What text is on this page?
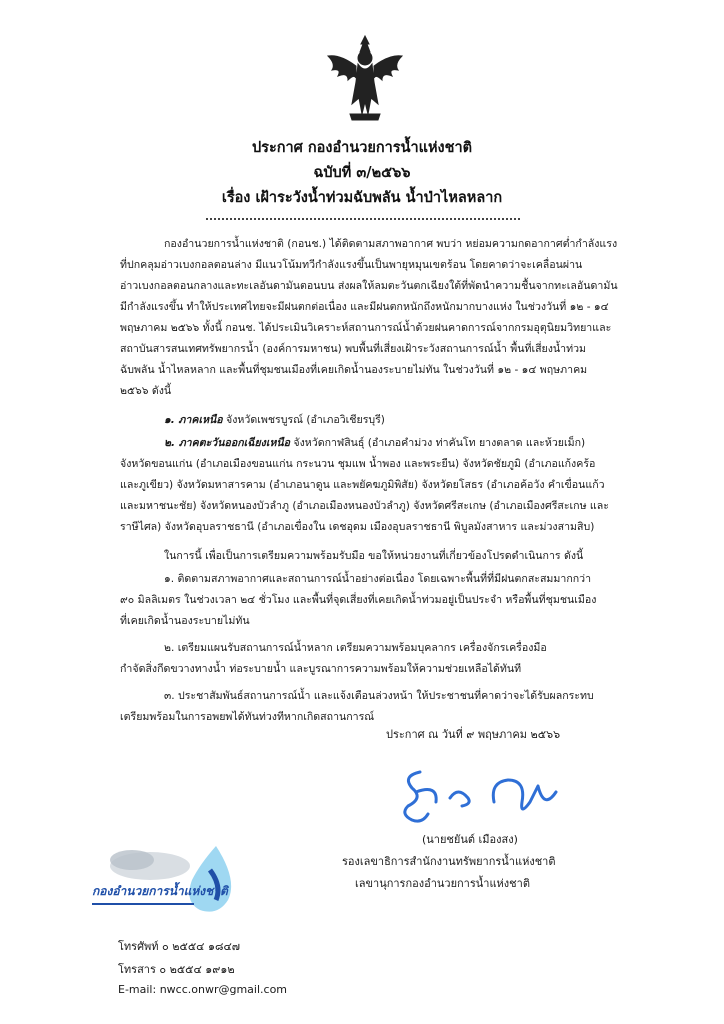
ประกาศ กองอำนวยการน้ำแห่งชาติ
ฉบับที่ ๓/๒๕๖๖
เรื่อง เฝ้าระวังน้ำท่วมฉับพลัน น้ำป่าไหลหลาก
กองอำนวยการน้ำแห่งชาติ (กอนช.) ได้ติดตามสภาพอากาศ พบว่า หย่อมความกดอากาศต่ำกำลังแรง
ที่ปกคลุมอ่าวเบงกอลตอนล่าง มีแนวโน้มทวีกำลังแรงขึ้นเป็นพายุหมุนเขตร้อน โดยคาดว่าจะเคลื่อนผ่าน
อ่าวเบงกอลตอนกลางและทะเลอันดามันตอนบน ส่งผลให้ลมตะวันตกเฉียงใต้ที่พัดนำความชื้นจากทะเลอันดามัน
มีกำลังแรงขึ้น ทำให้ประเทศไทยจะมีฝนตกต่อเนื่อง และมีฝนตกหนักถึงหนักมากบางแห่ง ในช่วงวันที่ ๑๒ - ๑๔
พฤษภาคม ๒๕๖๖ ทั้งนี้ กอนช. ได้ประเมินวิเคราะห์สถานการณ์น้ำด้วยฝนคาดการณ์จากกรมอุตุนิยมวิทยาและ
สถาบันสารสนเทศทรัพยากรน้ำ (องค์การมหาชน) พบพื้นที่เสี่ยงเฝ้าระวังสถานการณ์น้ำ พื้นที่เสี่ยงน้ำท่วม
ฉับพลัน น้ำไหลหลาก และพื้นที่ชุมชนเมืองที่เคยเกิดน้ำนองระบายไม่ทัน ในช่วงวันที่ ๑๒ - ๑๔ พฤษภาคม
๒๕๖๖ ดังนี้
๑. ภาคเหนือ จังหวัดเพชรบูรณ์ (อำเภอวิเชียรบุรี)
๒. ภาคตะวันออกเฉียงเหนือ จังหวัดกาฬสินธุ์ (อำเภอคำม่วง ท่าคันโท ยางตลาด และห้วยเม็ก)
จังหวัดขอนแก่น (อำเภอเมืองขอนแก่น กระนวน ชุมแพ น้ำพอง และพระยืน) จังหวัดชัยภูมิ (อำเภอแก้งคร้อ
และภูเขียว) จังหวัดมหาสารคาม (อำเภอนาดูน และพยัคฆภูมิพิสัย) จังหวัดยโสธร (อำเภอค้อวัง คำเขื่อนแก้ว
และมหาชนะชัย) จังหวัดหนองบัวลำภู (อำเภอเมืองหนองบัวลำภู) จังหวัดศรีสะเกษ (อำเภอเมืองศรีสะเกษ และ
ราษีไศล) จังหวัดอุบลราชธานี (อำเภอเขื่องใน เดชอุดม เมืองอุบลราชธานี พิบูลมังสาหาร และม่วงสามสิบ)
ในการนี้ เพื่อเป็นการเตรียมความพร้อมรับมือ ขอให้หน่วยงานที่เกี่ยวข้องโปรดดำเนินการ ดังนี้
๑. ติดตามสภาพอากาศและสถานการณ์น้ำอย่างต่อเนื่อง โดยเฉพาะพื้นที่ที่มีฝนตกสะสมมากกว่า
๙๐ มิลลิเมตร ในช่วงเวลา ๒๔ ชั่วโมง และพื้นที่จุดเสี่ยงที่เคยเกิดน้ำท่วมอยู่เป็นประจำ หรือพื้นที่ชุมชนเมือง
ที่เคยเกิดน้ำนองระบายไม่ทัน
๒. เตรียมแผนรับสถานการณ์น้ำหลาก เตรียมความพร้อมบุคลากร เครื่องจักรเครื่องมือ
กำจัดสิ่งกีดขวางทางน้ำ ท่อระบายน้ำ และบูรณาการความพร้อมให้ความช่วยเหลือได้ทันที
๓. ประชาสัมพันธ์สถานการณ์น้ำ และแจ้งเตือนล่วงหน้า ให้ประชาชนที่คาดว่าจะได้รับผลกระทบ
เตรียมพร้อมในการอพยพได้ทันท่วงทีหากเกิดสถานการณ์
ประกาศ ณ วันที่ ๙ พฤษภาคม ๒๕๖๖
(นายชยันต์ เมืองสง)
รองเลขาธิการสำนักงานทรัพยากรน้ำแห่งชาติ
เลขานุการกองอำนวยการน้ำแห่งชาติ
กองอำนวยการน้ำแห่งชาติ
โทรศัพท์ ๐ ๒๕๕๔ ๑๘๔๗
โทรสาร ๐ ๒๕๕๔ ๑๙๑๒
E-mail: nwcc.onwr@gmail.com
